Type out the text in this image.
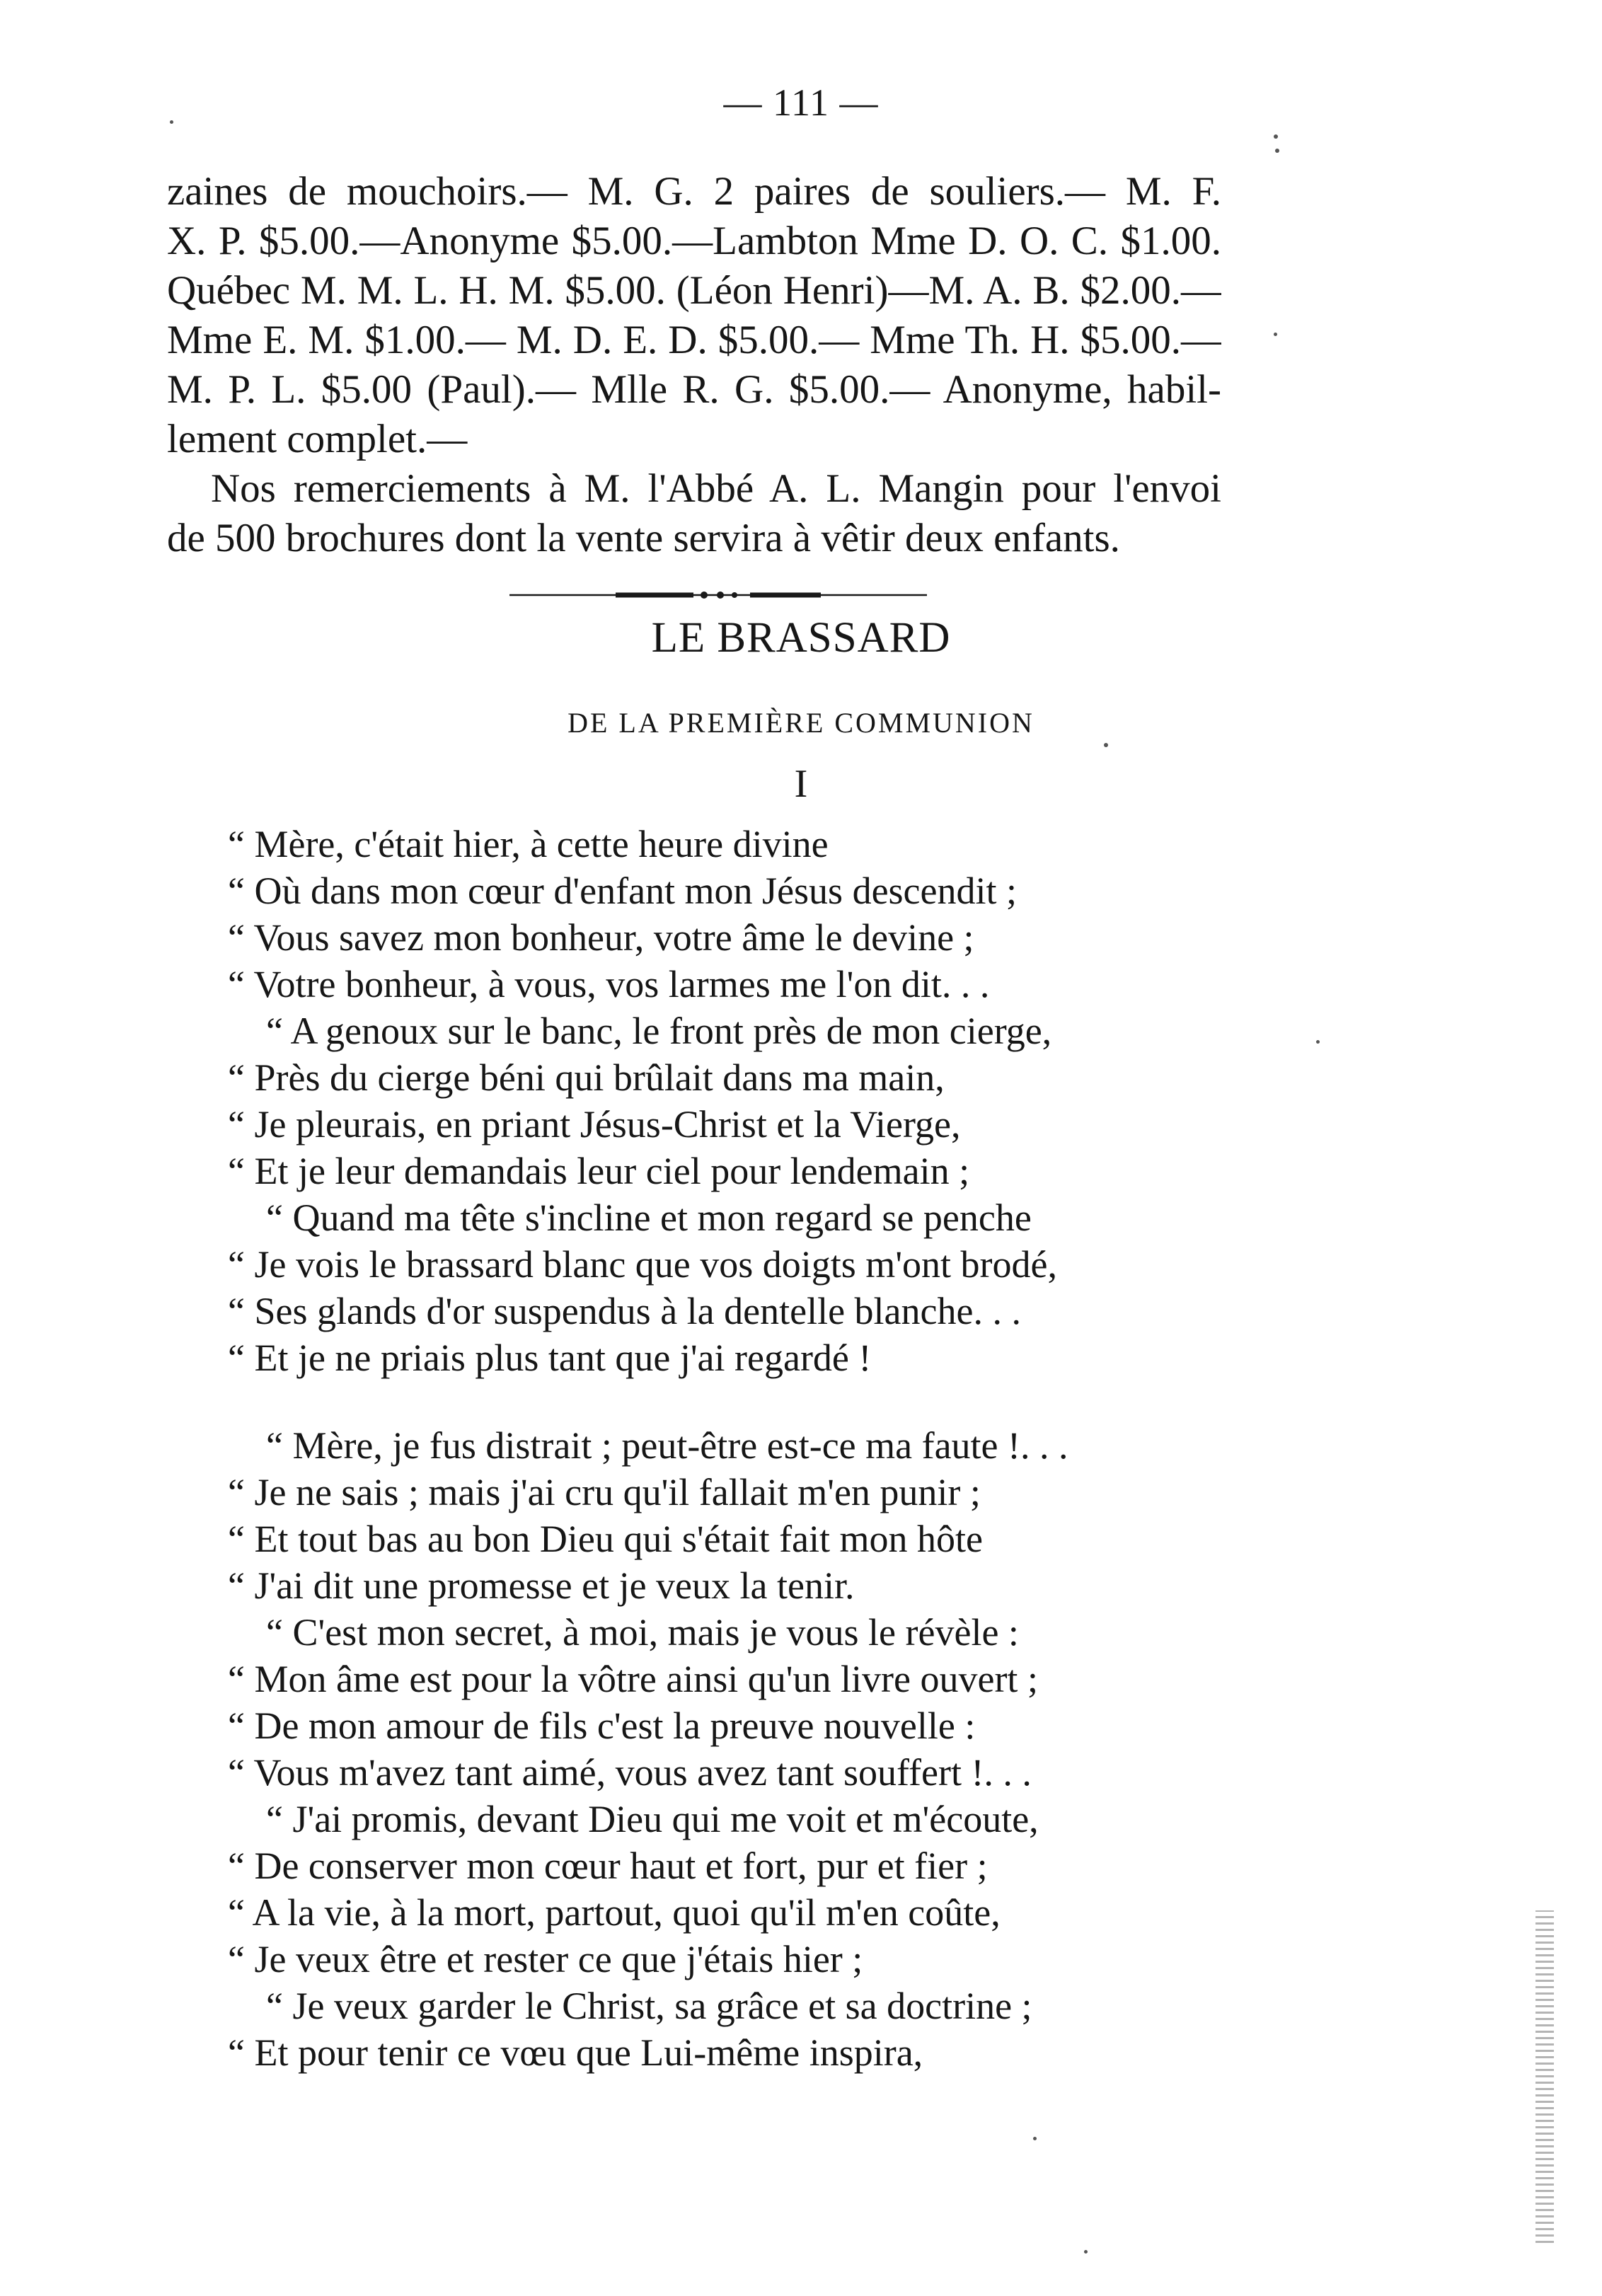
— 111 —
zaines de mouchoirs.— M. G. 2 paires de souliers.— M. F.
X. P. $5.00.—Anonyme $5.00.—Lambton Mme D. O. C. $1.00.
Québec M. M. L. H. M. $5.00. (Léon Henri)—M. A. B. $2.00.—
Mme E. M. $1.00.— M. D. E. D. $5.00.— Mme Th. H. $5.00.—
M. P. L. $5.00 (Paul).— Mlle R. G. $5.00.— Anonyme, habil-
lement complet.—
Nos remerciements à M. l'Abbé A. L. Mangin pour l'envoi
de 500 brochures dont la vente servira à vêtir deux enfants.
LE BRASSARD
DE LA PREMIÈRE COMMUNION
I
“ Mère, c'était hier, à cette heure divine
“ Où dans mon cœur d'enfant mon Jésus descendit ;
“ Vous savez mon bonheur, votre âme le devine ;
“ Votre bonheur, à vous, vos larmes me l'on dit. . .
“ A genoux sur le banc, le front près de mon cierge,
“ Près du cierge béni qui brûlait dans ma main,
“ Je pleurais, en priant Jésus-Christ et la Vierge,
“ Et je leur demandais leur ciel pour lendemain ;
“ Quand ma tête s'incline et mon regard se penche
“ Je vois le brassard blanc que vos doigts m'ont brodé,
“ Ses glands d'or suspendus à la dentelle blanche. . .
“ Et je ne priais plus tant que j'ai regardé !
“ Mère, je fus distrait ; peut-être est-ce ma faute !. . .
“ Je ne sais ; mais j'ai cru qu'il fallait m'en punir ;
“ Et tout bas au bon Dieu qui s'était fait mon hôte
“ J'ai dit une promesse et je veux la tenir.
“ C'est mon secret, à moi, mais je vous le révèle :
“ Mon âme est pour la vôtre ainsi qu'un livre ouvert ;
“ De mon amour de fils c'est la preuve nouvelle :
“ Vous m'avez tant aimé, vous avez tant souffert !. . .
“ J'ai promis, devant Dieu qui me voit et m'écoute,
“ De conserver mon cœur haut et fort, pur et fier ;
“ A la vie, à la mort, partout, quoi qu'il m'en coûte,
“ Je veux être et rester ce que j'étais hier ;
“ Je veux garder le Christ, sa grâce et sa doctrine ;
“ Et pour tenir ce vœu que Lui-même inspira,
